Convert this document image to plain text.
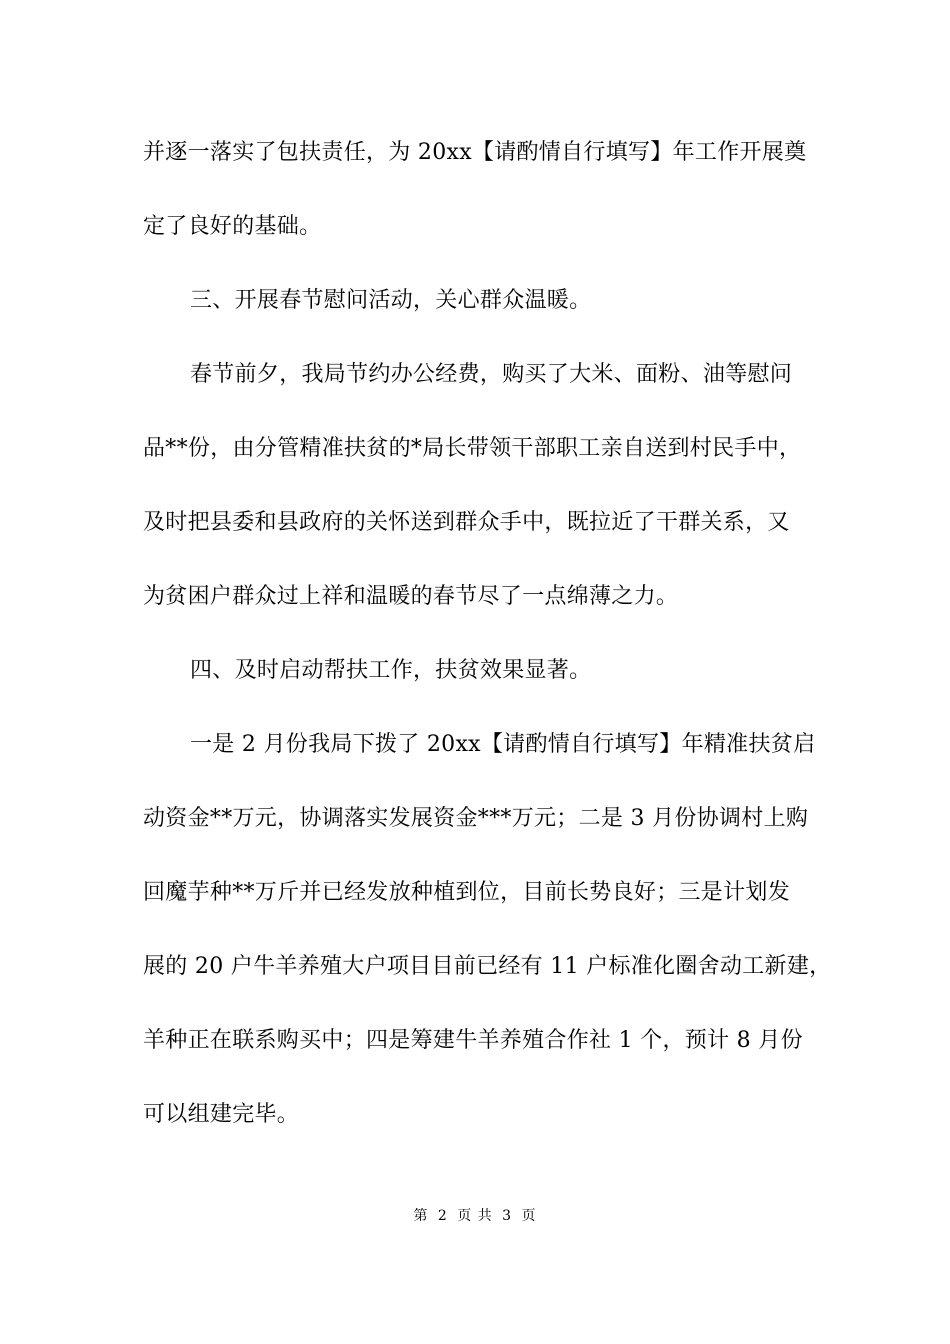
并逐一落实了包扶责任，为 20xx【请酌情自行填写】年工作开展奠
定了良好的基础。
三、开展春节慰问活动，关心群众温暖。
春节前夕，我局节约办公经费，购买了大米、面粉、油等慰问
品**份，由分管精准扶贫的*局长带领干部职工亲自送到村民手中，
及时把县委和县政府的关怀送到群众手中，既拉近了干群关系，又
为贫困户群众过上祥和温暖的春节尽了一点绵薄之力。
四、及时启动帮扶工作，扶贫效果显著。
一是 2 月份我局下拨了 20xx【请酌情自行填写】年精准扶贫启
动资金**万元，协调落实发展资金***万元；二是 3 月份协调村上购
回魔芋种**万斤并已经发放种植到位，目前长势良好；三是计划发
展的 20 户牛羊养殖大户项目目前已经有 11 户标准化圈舍动工新建，
羊种正在联系购买中；四是筹建牛羊养殖合作社 1 个，预计 8 月份
可以组建完毕。
第 2 页 共 3 页
